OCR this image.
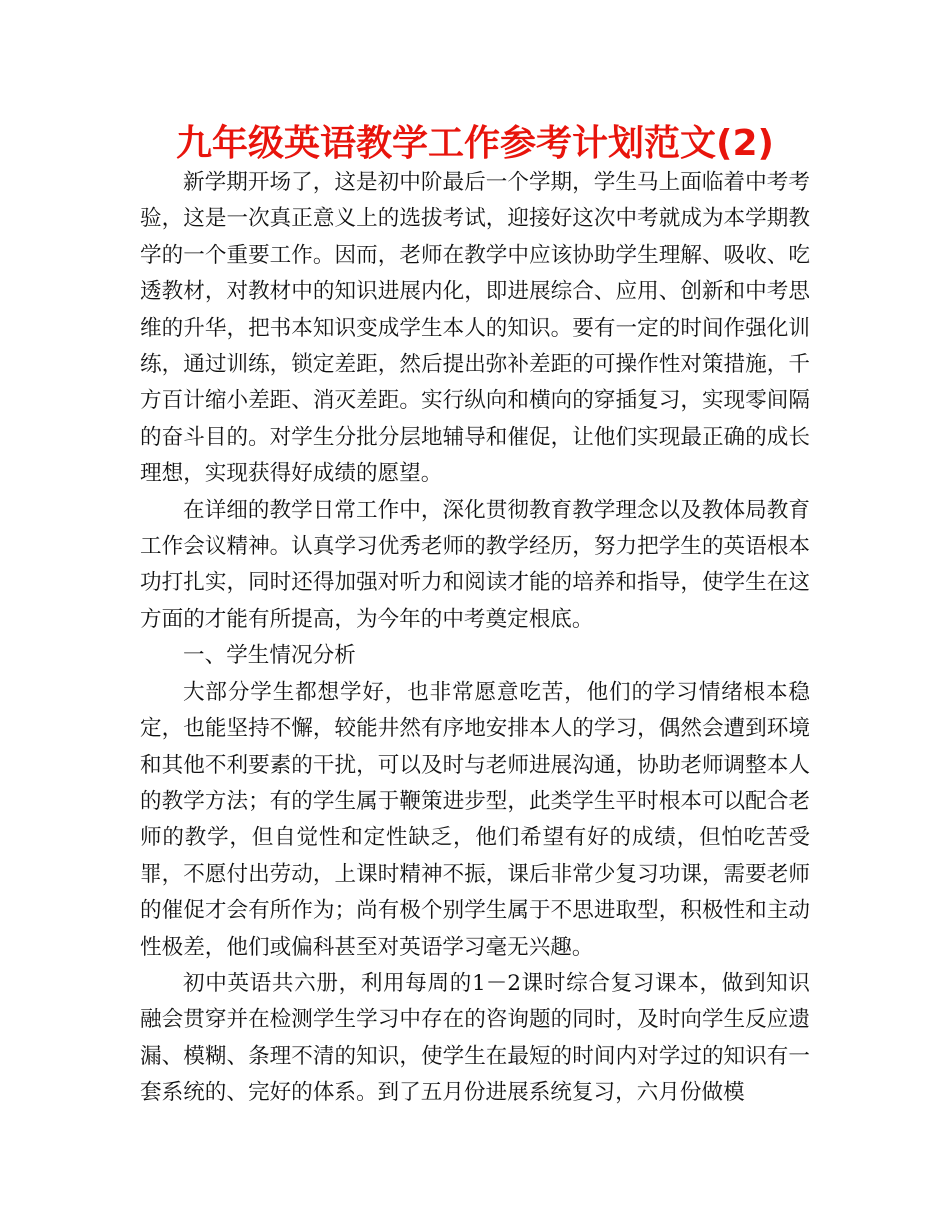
九年级英语教学工作参考计划范文(2)

新学期开场了，这是初中阶最后一个学期，学生马上面临着中考考验，这是一次真正意义上的选拔考试，迎接好这次中考就成为本学期教学的一个重要工作。因而，老师在教学中应该协助学生理解、吸收、吃透教材，对教材中的知识进展内化，即进展综合、应用、创新和中考思维的升华，把书本知识变成学生本人的知识。要有一定的时间作强化训练，通过训练，锁定差距，然后提出弥补差距的可操作性对策措施，千方百计缩小差距、消灭差距。实行纵向和横向的穿插复习，实现零间隔的奋斗目的。对学生分批分层地辅导和催促，让他们实现最正确的成长理想，实现获得好成绩的愿望。

在详细的教学日常工作中，深化贯彻教育教学理念以及教体局教育工作会议精神。认真学习优秀老师的教学经历，努力把学生的英语根本功打扎实，同时还得加强对听力和阅读才能的培养和指导，使学生在这方面的才能有所提高，为今年的中考奠定根底。

一、学生情况分析

大部分学生都想学好，也非常愿意吃苦，他们的学习情绪根本稳定，也能坚持不懈，较能井然有序地安排本人的学习，偶然会遭到环境和其他不利要素的干扰，可以及时与老师进展沟通，协助老师调整本人的教学方法；有的学生属于鞭策进步型，此类学生平时根本可以配合老师的教学，但自觉性和定性缺乏，他们希望有好的成绩，但怕吃苦受罪，不愿付出劳动，上课时精神不振，课后非常少复习功课，需要老师的催促才会有所作为；尚有极个别学生属于不思进取型，积极性和主动性极差，他们或偏科甚至对英语学习毫无兴趣。

初中英语共六册，利用每周的1－2课时综合复习课本，做到知识融会贯穿并在检测学生学习中存在的咨询题的同时，及时向学生反应遗漏、模糊、条理不清的知识，使学生在最短的时间内对学过的知识有一套系统的、完好的体系。到了五月份进展系统复习，六月份做模
